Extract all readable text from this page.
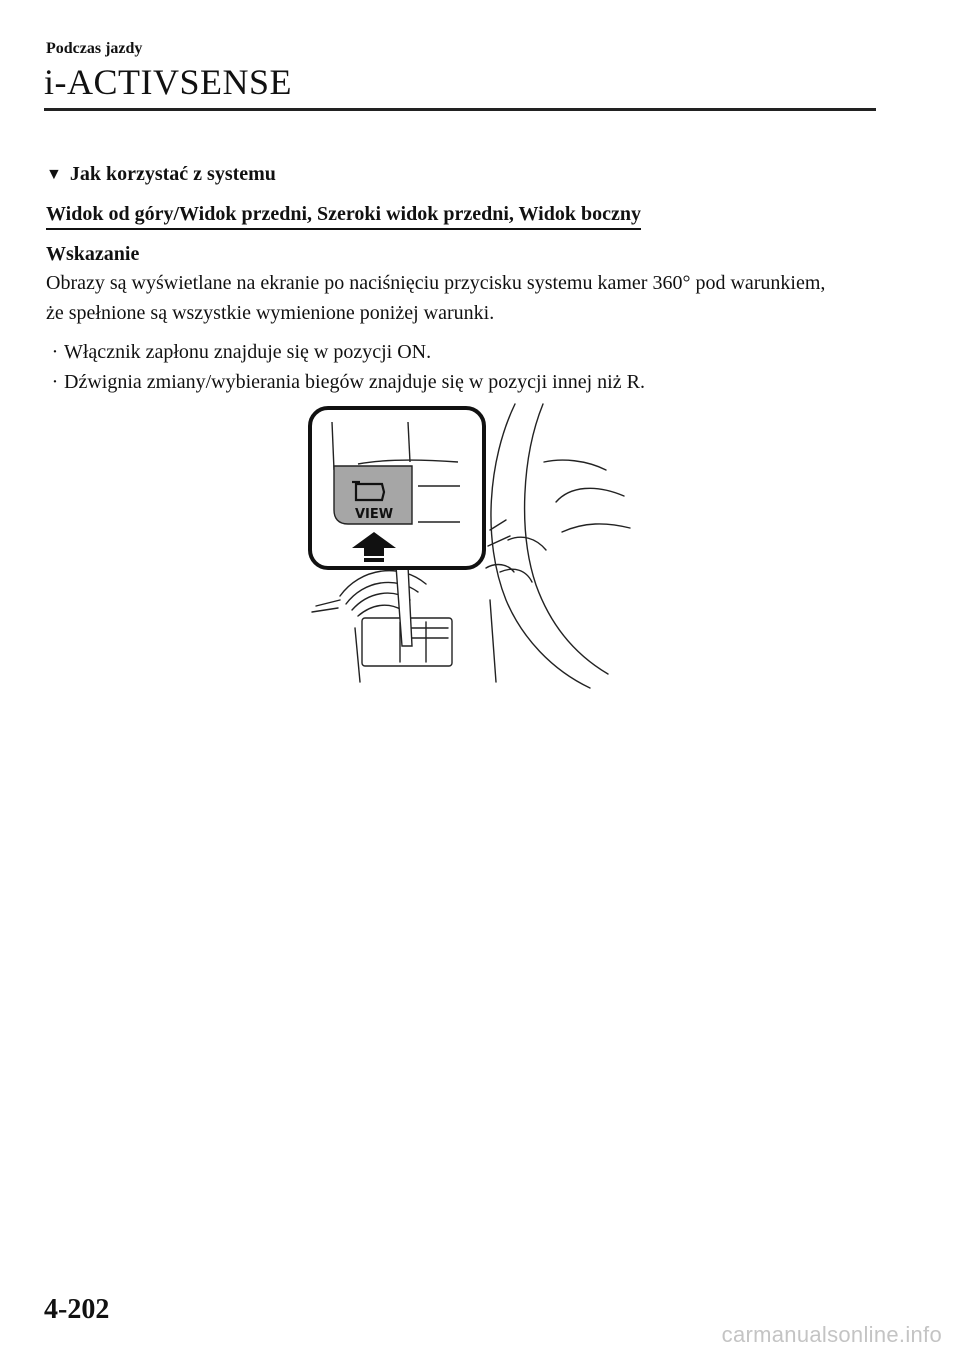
Podczas jazdy
i-ACTIVSENSE
▼ Jak korzystać z systemu
Widok od góry/Widok przedni, Szeroki widok przedni, Widok boczny
Wskazanie
Obrazy są wyświetlane na ekranie po naciśnięciu przycisku systemu kamer 360° pod warunkiem, że spełnione są wszystkie wymienione poniżej warunki.
· Włącznik zapłonu znajduje się w pozycji ON.
· Dźwignia zmiany/wybierania biegów znajduje się w pozycji innej niż R.
VIEW
4-202
carmanualsonline.info
